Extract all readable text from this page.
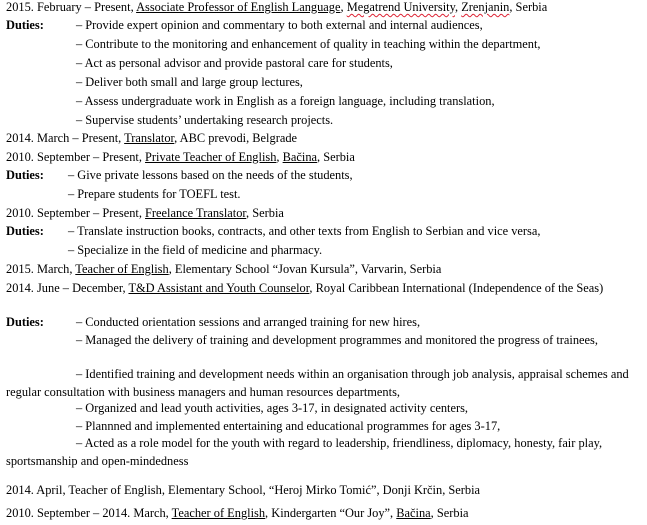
2015. February – Present, Associate Professor of English Language, Megatrend University, Zrenjanin, Serbia
Duties:	– Provide expert opinion and commentary to both external and internal audiences,
– Contribute to the monitoring and enhancement of quality in teaching within the department,
– Act as personal advisor and provide pastoral care for students,
– Deliver both small and large group lectures,
– Assess undergraduate work in English as a foreign language, including translation,
– Supervise students’ undertaking research projects.
2014. March – Present, Translator, ABC prevodi, Belgrade
2010. September – Present, Private Teacher of English, Bačina, Serbia
Duties: – Give private lessons based on the needs of the students,
– Prepare students for TOEFL test.
2010. September – Present, Freelance Translator, Serbia
Duties: – Translate instruction books, contracts, and other texts from English to Serbian and vice versa,
– Specialize in the field of medicine and pharmacy.
2015. March, Teacher of English, Elementary School “Jovan Kursula”, Varvarin, Serbia
2014. June – December, T&D Assistant and Youth Counselor, Royal Caribbean International (Independence of the Seas)
Duties:	– Conducted orientation sessions and arranged training for new hires,
– Managed the delivery of training and development programmes and monitored the progress of trainees,
– Identified training and development needs within an organisation through job analysis, appraisal schemes and regular consultation with business managers and human resources departments,
– Organized and lead youth activities, ages 3-17, in designated activity centers,
– Plannned and implemented entertaining and educational programmes for ages 3-17,
– Acted as a role model for the youth with regard to leadership, friendliness, diplomacy, honesty, fair play, sportsmanship and open-mindedness
2014. April, Teacher of English, Elementary School, “Heroj Mirko Tomić”, Donji Krčin, Serbia
2010. September – 2014. March, Teacher of English, Kindergarten “Our Joy”, Bačina, Serbia
